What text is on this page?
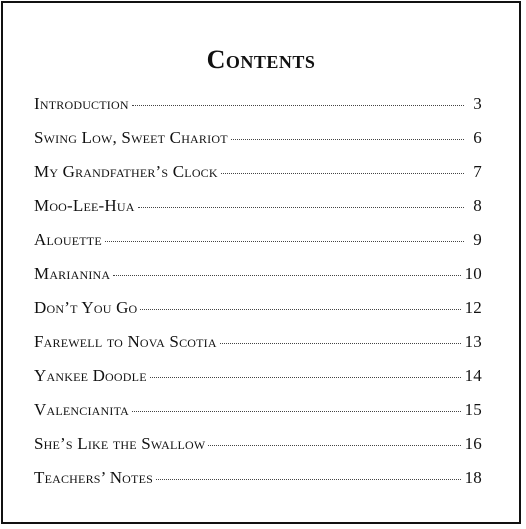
Contents
Introduction	3
Swing Low, Sweet Chariot	6
My Grandfather’s Clock	7
Moo-Lee-Hua	8
Alouette	9
Marianina	10
Don’t You Go	12
Farewell to Nova Scotia	13
Yankee Doodle	14
Valencianita	15
She’s Like the Swallow	16
Teachers’ Notes	18
